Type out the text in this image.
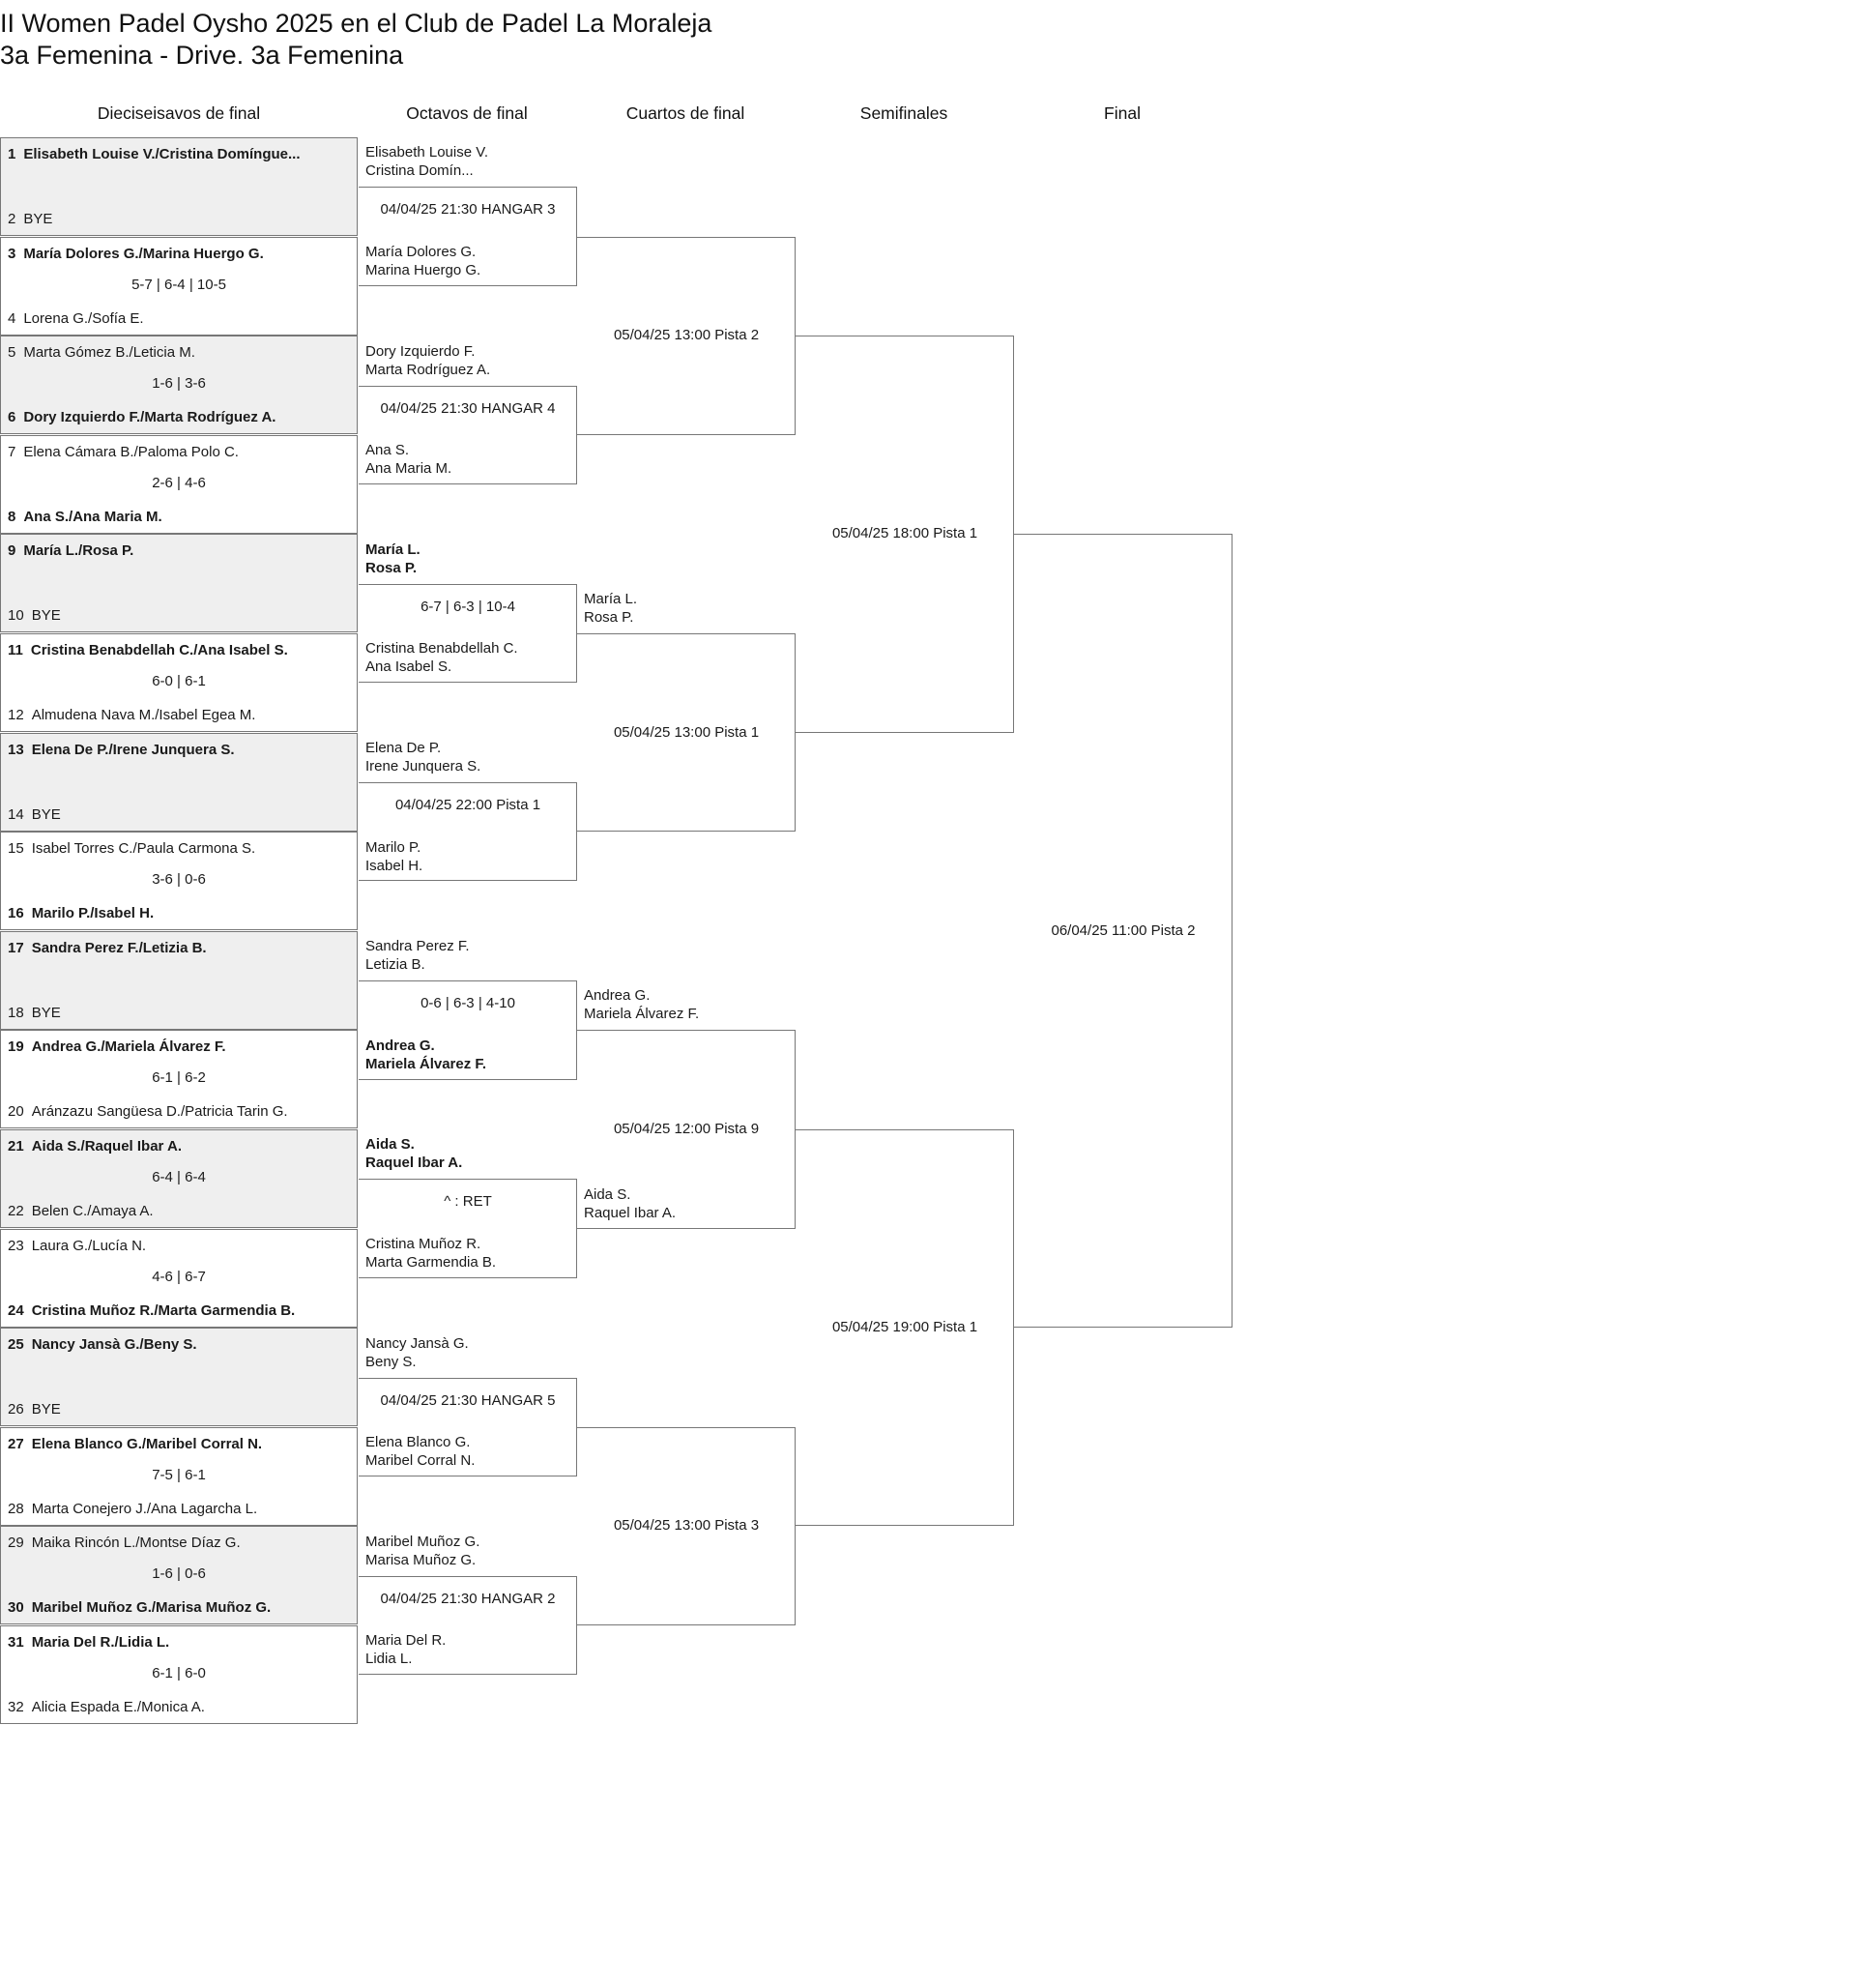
II Women Padel Oysho 2025 en el Club de Padel La Moraleja
3a Femenina - Drive. 3a Femenina
Dieciseisavos de final	Octavos de final	Cuartos de final	Semifinales	Final
1 Elisabeth Louise V./Cristina Domíngue...
2 BYE
3 María Dolores G./Marina Huergo G.
5-7 | 6-4 | 10-5
4 Lorena G./Sofía E.
5 Marta Gómez B./Leticia M.
1-6 | 3-6
6 Dory Izquierdo F./Marta Rodríguez A.
7 Elena Cámara B./Paloma Polo C.
2-6 | 4-6
8 Ana S./Ana Maria M.
9 María L./Rosa P.
10 BYE
11 Cristina Benabdellah C./Ana Isabel S.
6-0 | 6-1
12 Almudena Nava M./Isabel Egea M.
13 Elena De P./Irene Junquera S.
14 BYE
15 Isabel Torres C./Paula Carmona S.
3-6 | 0-6
16 Marilo P./Isabel H.
17 Sandra Perez F./Letizia B.
18 BYE
19 Andrea G./Mariela Álvarez F.
6-1 | 6-2
20 Aránzazu Sangüesa D./Patricia Tarin G.
21 Aida S./Raquel Ibar A.
6-4 | 6-4
22 Belen C./Amaya A.
23 Laura G./Lucía N.
4-6 | 6-7
24 Cristina Muñoz R./Marta Garmendia B.
25 Nancy Jansà G./Beny S.
26 BYE
27 Elena Blanco G./Maribel Corral N.
7-5 | 6-1
28 Marta Conejero J./Ana Lagarcha L.
29 Maika Rincón L./Montse Díaz G.
1-6 | 0-6
30 Maribel Muñoz G./Marisa Muñoz G.
31 Maria Del R./Lidia L.
6-1 | 6-0
32 Alicia Espada E./Monica A.
Elisabeth Louise V.
Cristina Domín...
María Dolores G.
Marina Huergo G.
04/04/25 21:30 HANGAR 3
Dory Izquierdo F.
Marta Rodríguez A.
Ana S.
Ana Maria M.
04/04/25 21:30 HANGAR 4
María L.
Rosa P.
Cristina Benabdellah C.
Ana Isabel S.
6-7 | 6-3 | 10-4
Elena De P.
Irene Junquera S.
Marilo P.
Isabel H.
04/04/25 22:00 Pista 1
Sandra Perez F.
Letizia B.
Andrea G.
Mariela Álvarez F.
0-6 | 6-3 | 4-10
Aida S.
Raquel Ibar A.
Cristina Muñoz R.
Marta Garmendia B.
^ : RET
Nancy Jansà G.
Beny S.
Elena Blanco G.
Maribel Corral N.
04/04/25 21:30 HANGAR 5
Maribel Muñoz G.
Marisa Muñoz G.
Maria Del R.
Lidia L.
04/04/25 21:30 HANGAR 2
05/04/25 13:00 Pista 2
María L.
Rosa P.
05/04/25 13:00 Pista 1
Andrea G.
Mariela Álvarez F.
Aida S.
Raquel Ibar A.
05/04/25 12:00 Pista 9
05/04/25 13:00 Pista 3
05/04/25 18:00 Pista 1
05/04/25 19:00 Pista 1
06/04/25 11:00 Pista 2
